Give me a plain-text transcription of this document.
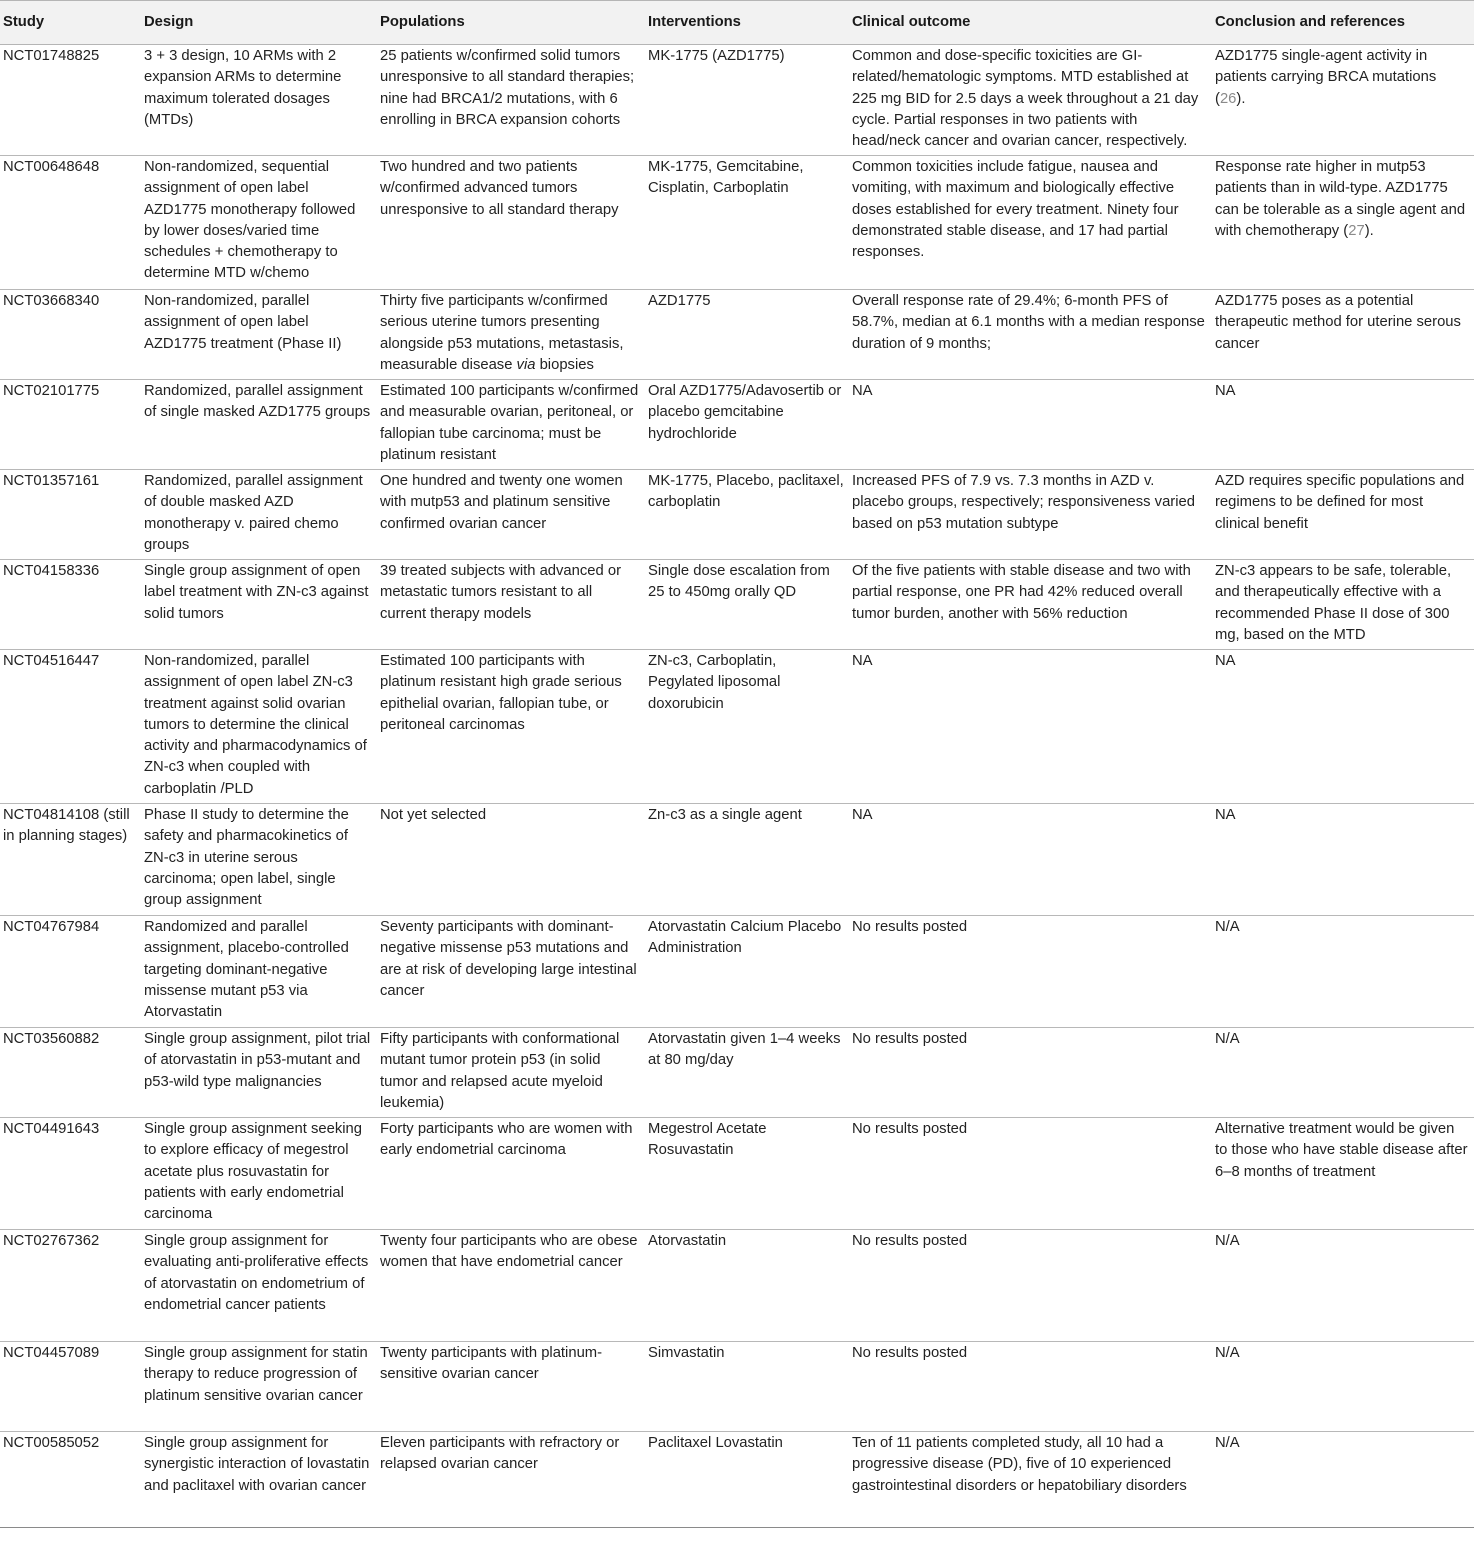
Study	Design	Populations	Interventions	Clinical outcome	Conclusion and references
NCT01748825	3 + 3 design, 10 ARMs with 2 expansion ARMs to determine maximum tolerated dosages (MTDs)	25 patients w/confirmed solid tumors unresponsive to all standard therapies; nine had BRCA1/2 mutations, with 6 enrolling in BRCA expansion cohorts	MK-1775 (AZD1775)	Common and dose-specific toxicities are GI-related/hematologic symptoms. MTD established at 225 mg BID for 2.5 days a week throughout a 21 day cycle. Partial responses in two patients with head/neck cancer and ovarian cancer, respectively.	AZD1775 single-agent activity in patients carrying BRCA mutations (26).
NCT00648648	Non-randomized, sequential assignment of open label AZD1775 monotherapy followed by lower doses/varied time schedules + chemotherapy to determine MTD w/chemo	Two hundred and two patients w/confirmed advanced tumors unresponsive to all standard therapy	MK-1775, Gemcitabine, Cisplatin, Carboplatin	Common toxicities include fatigue, nausea and vomiting, with maximum and biologically effective doses established for every treatment. Ninety four demonstrated stable disease, and 17 had partial responses.	Response rate higher in mutp53 patients than in wild-type. AZD1775 can be tolerable as a single agent and with chemotherapy (27).
NCT03668340	Non-randomized, parallel assignment of open label AZD1775 treatment (Phase II)	Thirty five participants w/confirmed serious uterine tumors presenting alongside p53 mutations, metastasis, measurable disease via biopsies	AZD1775	Overall response rate of 29.4%; 6-month PFS of 58.7%, median at 6.1 months with a median response duration of 9 months;	AZD1775 poses as a potential therapeutic method for uterine serous cancer
NCT02101775	Randomized, parallel assignment of single masked AZD1775 groups	Estimated 100 participants w/confirmed and measurable ovarian, peritoneal, or fallopian tube carcinoma; must be platinum resistant	Oral AZD1775/Adavosertib or placebo gemcitabine hydrochloride	NA	NA
NCT01357161	Randomized, parallel assignment of double masked AZD monotherapy v. paired chemo groups	One hundred and twenty one women with mutp53 and platinum sensitive confirmed ovarian cancer	MK-1775, Placebo, paclitaxel, carboplatin	Increased PFS of 7.9 vs. 7.3 months in AZD v. placebo groups, respectively; responsiveness varied based on p53 mutation subtype	AZD requires specific populations and regimens to be defined for most clinical benefit
NCT04158336	Single group assignment of open label treatment with ZN-c3 against solid tumors	39 treated subjects with advanced or metastatic tumors resistant to all current therapy models	Single dose escalation from 25 to 450mg orally QD	Of the five patients with stable disease and two with partial response, one PR had 42% reduced overall tumor burden, another with 56% reduction	ZN-c3 appears to be safe, tolerable, and therapeutically effective with a recommended Phase II dose of 300 mg, based on the MTD
NCT04516447	Non-randomized, parallel assignment of open label ZN-c3 treatment against solid ovarian tumors to determine the clinical activity and pharmacodynamics of ZN-c3 when coupled with carboplatin /PLD	Estimated 100 participants with platinum resistant high grade serious epithelial ovarian, fallopian tube, or peritoneal carcinomas	ZN-c3, Carboplatin, Pegylated liposomal doxorubicin	NA	NA
NCT04814108 (still in planning stages)	Phase II study to determine the safety and pharmacokinetics of ZN-c3 in uterine serous carcinoma; open label, single group assignment	Not yet selected	Zn-c3 as a single agent	NA	NA
NCT04767984	Randomized and parallel assignment, placebo-controlled targeting dominant-negative missense mutant p53 via Atorvastatin	Seventy participants with dominant-negative missense p53 mutations and are at risk of developing large intestinal cancer	Atorvastatin Calcium Placebo Administration	No results posted	N/A
NCT03560882	Single group assignment, pilot trial of atorvastatin in p53-mutant and p53-wild type malignancies	Fifty participants with conformational mutant tumor protein p53 (in solid tumor and relapsed acute myeloid leukemia)	Atorvastatin given 1–4 weeks at 80 mg/day	No results posted	N/A
NCT04491643	Single group assignment seeking to explore efficacy of megestrol acetate plus rosuvastatin for patients with early endometrial carcinoma	Forty participants who are women with early endometrial carcinoma	Megestrol Acetate Rosuvastatin	No results posted	Alternative treatment would be given to those who have stable disease after 6–8 months of treatment
NCT02767362	Single group assignment for evaluating anti-proliferative effects of atorvastatin on endometrium of endometrial cancer patients	Twenty four participants who are obese women that have endometrial cancer	Atorvastatin	No results posted	N/A
NCT04457089	Single group assignment for statin therapy to reduce progression of platinum sensitive ovarian cancer	Twenty participants with platinum-sensitive ovarian cancer	Simvastatin	No results posted	N/A
NCT00585052	Single group assignment for synergistic interaction of lovastatin and paclitaxel with ovarian cancer	Eleven participants with refractory or relapsed ovarian cancer	Paclitaxel Lovastatin	Ten of 11 patients completed study, all 10 had a progressive disease (PD), five of 10 experienced gastrointestinal disorders or hepatobiliary disorders	N/A
